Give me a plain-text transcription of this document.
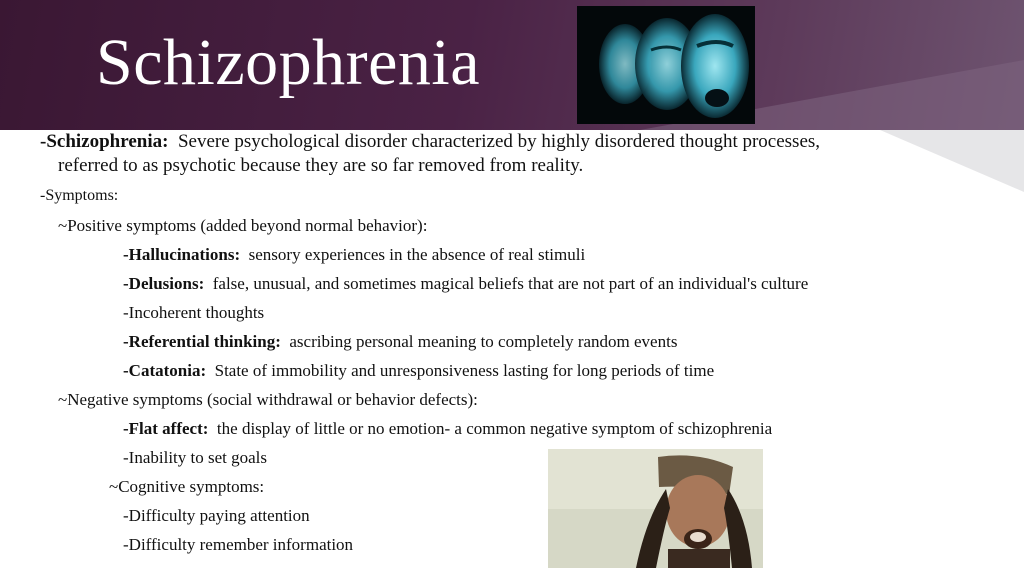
Schizophrenia
-Schizophrenia: Severe psychological disorder characterized by highly disordered thought processes,
referred to as psychotic because they are so far removed from reality.
-Symptoms:
~Positive symptoms (added beyond normal behavior):
-Hallucinations: sensory experiences in the absence of real stimuli
-Delusions: false, unusual, and sometimes magical beliefs that are not part of an individual's culture
-Incoherent thoughts
-Referential thinking: ascribing personal meaning to completely random events
-Catatonia: State of immobility and unresponsiveness lasting for long periods of time
~Negative symptoms (social withdrawal or behavior defects):
-Flat affect: the display of little or no emotion- a common negative symptom of schizophrenia
-Inability to set goals
~Cognitive symptoms:
-Difficulty paying attention
-Difficulty remember information
